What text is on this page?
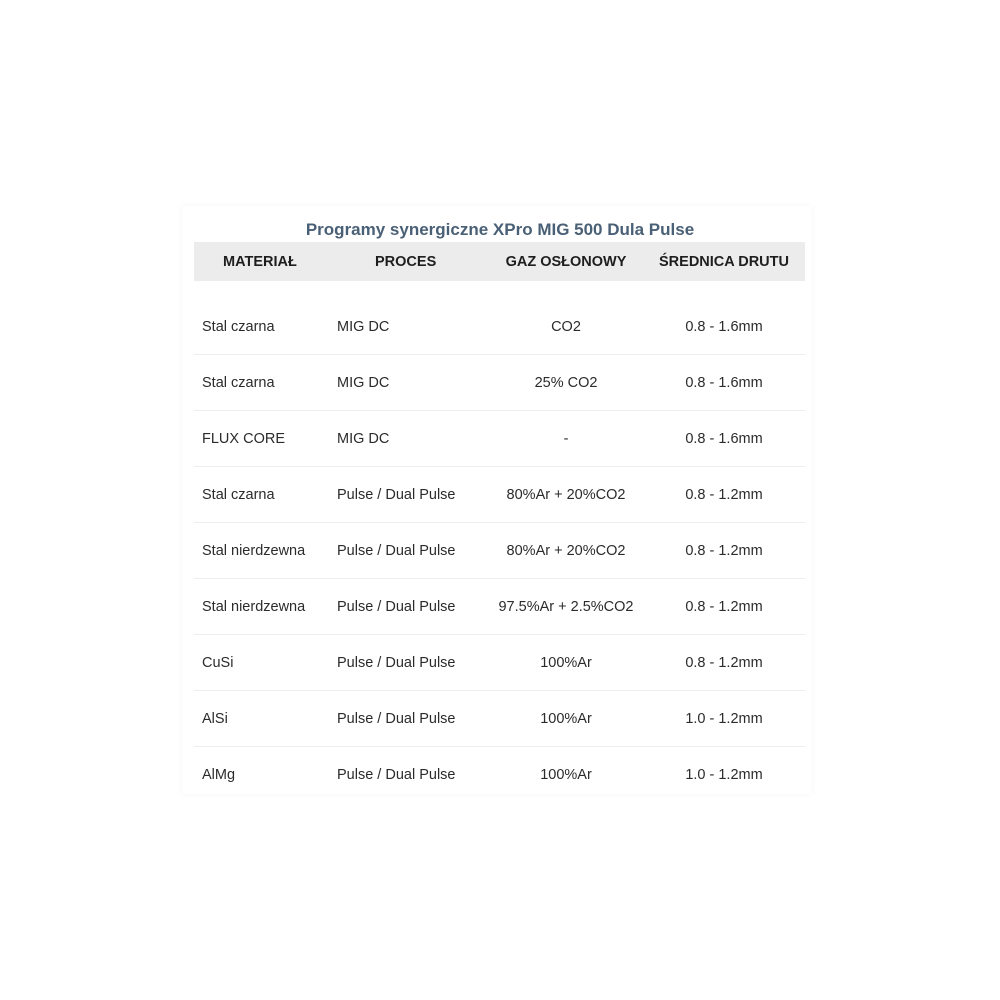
Programy synergiczne XPro MIG 500 Dula Pulse
MATERIAŁ	PROCES	GAZ OSŁONOWY	ŚREDNICA DRUTU
Stal czarna	MIG DC	CO2	0.8 - 1.6mm
Stal czarna	MIG DC	25% CO2	0.8 - 1.6mm
FLUX CORE	MIG DC	-	0.8 - 1.6mm
Stal czarna	Pulse / Dual Pulse	80%Ar + 20%CO2	0.8 - 1.2mm
Stal nierdzewna	Pulse / Dual Pulse	80%Ar + 20%CO2	0.8 - 1.2mm
Stal nierdzewna	Pulse / Dual Pulse	97.5%Ar + 2.5%CO2	0.8 - 1.2mm
CuSi	Pulse / Dual Pulse	100%Ar	0.8 - 1.2mm
AlSi	Pulse / Dual Pulse	100%Ar	1.0 - 1.2mm
AlMg	Pulse / Dual Pulse	100%Ar	1.0 - 1.2mm
